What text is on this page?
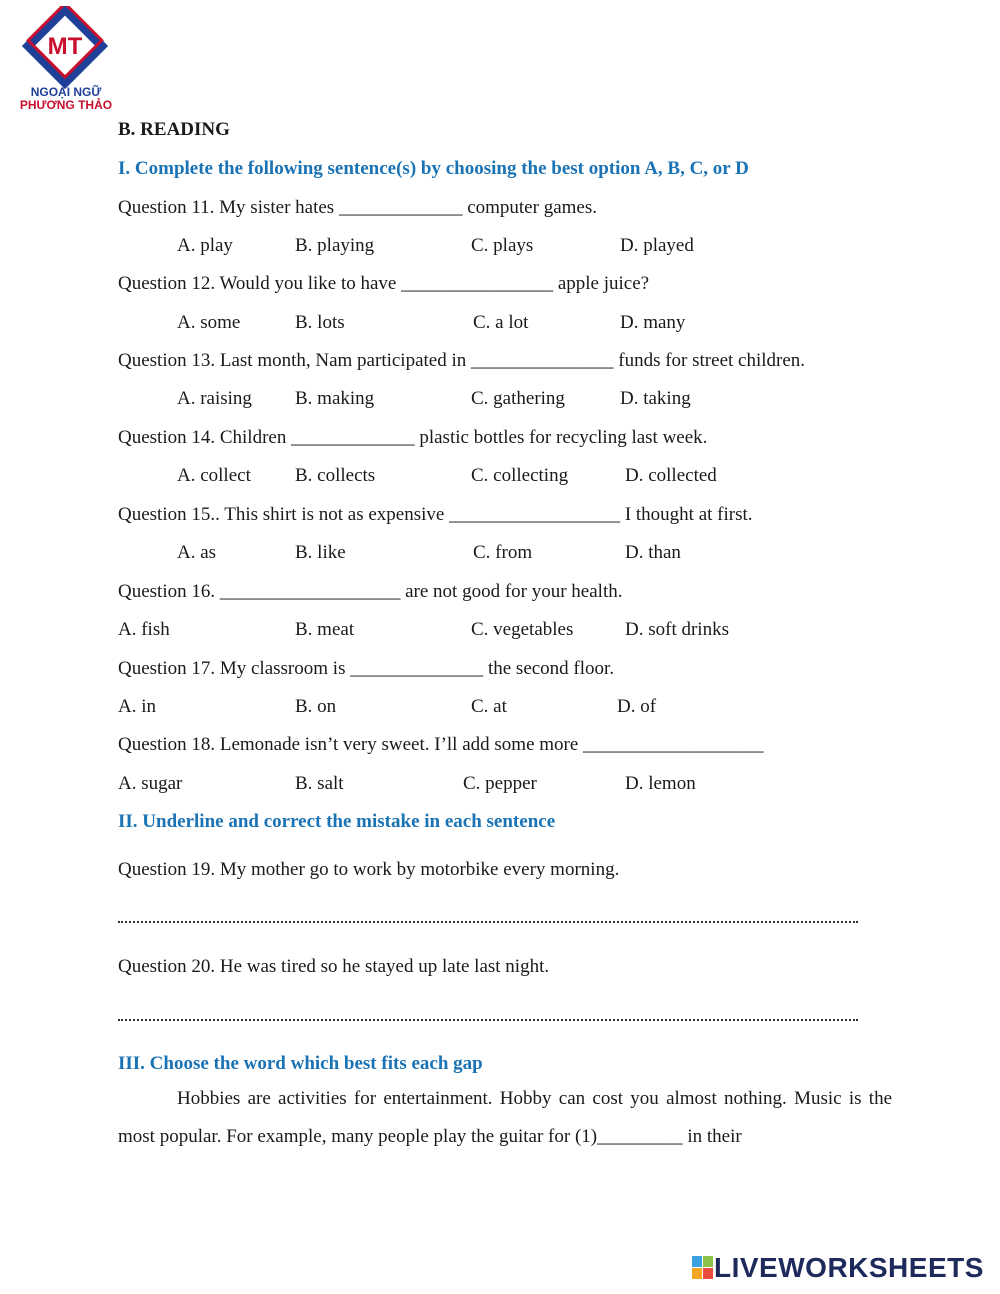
MT
NGOẠI NGỮ
PHƯƠNG THẢO
B. READING
I. Complete the following sentence(s) by choosing the best option A, B, C, or D
Question 11. My sister hates _____________ computer games.
A. play	B. playing	C. plays	D. played
Question 12. Would you like to have ________________ apple juice?
A. some	B. lots	C. a lot	D. many
Question 13. Last month, Nam participated in _______________ funds for street children.
A. raising B. making	C. gathering	D. taking
Question 14. Children _____________ plastic bottles for recycling last week.
A. collect B. collects	C. collecting	D. collected
Question 15.. This shirt is not as expensive __________________ I thought at first.
A. as	B. like	C. from	D. than
Question 16. ___________________ are not good for your health.
A. fish	B. meat	C. vegetables	D. soft drinks
Question 17. My classroom is ______________ the second floor.
A. in	B. on	C. at	D. of
Question 18. Lemonade isn’t very sweet. I’ll add some more ___________________
A. sugar	B. salt	C. pepper	D. lemon
II. Underline and correct the mistake in each sentence
Question 19. My mother go to work by motorbike every morning.
Question 20. He was tired so he stayed up late last night.
III. Choose the word which best fits each gap
Hobbies are activities for entertainment. Hobby can cost you almost nothing. Music is the most popular. For example, many people play the guitar for (1)_________ in their
LIVEWORKSHEETS
